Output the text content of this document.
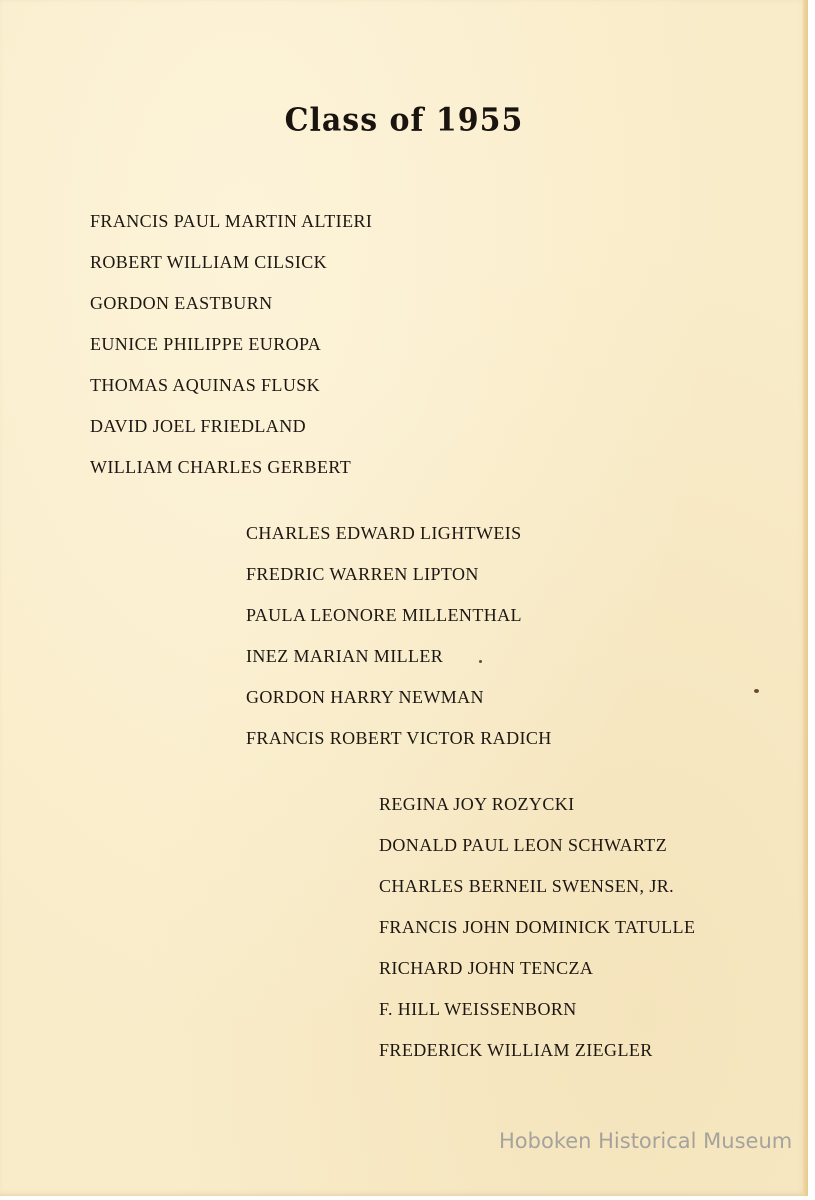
Class of 1955
FRANCIS PAUL MARTIN ALTIERI
ROBERT WILLIAM CILSICK
GORDON EASTBURN
EUNICE PHILIPPE EUROPA
THOMAS AQUINAS FLUSK
DAVID JOEL FRIEDLAND
WILLIAM CHARLES GERBERT
CHARLES EDWARD LIGHTWEIS
FREDRIC WARREN LIPTON
PAULA LEONORE MILLENTHAL
INEZ MARIAN MILLER
GORDON HARRY NEWMAN
FRANCIS ROBERT VICTOR RADICH
REGINA JOY ROZYCKI
DONALD PAUL LEON SCHWARTZ
CHARLES BERNEIL SWENSEN, JR.
FRANCIS JOHN DOMINICK TATULLE
RICHARD JOHN TENCZA
F. HILL WEISSENBORN
FREDERICK WILLIAM ZIEGLER
Hoboken Historical Museum
